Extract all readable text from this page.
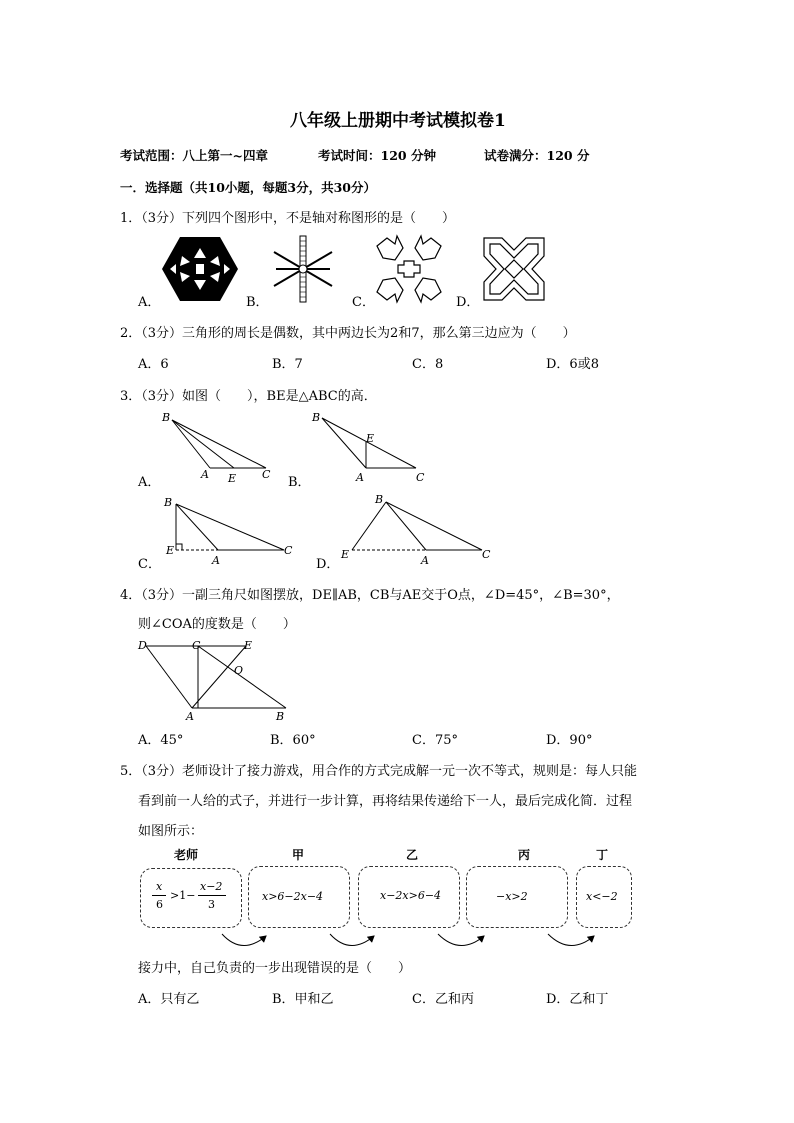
八年级上册期中考试模拟卷1
考试范围：八上第一~四章	考试时间：120 分钟	试卷满分：120 分
一．选择题（共10小题，每题3分，共30分）
1．（3分）下列四个图形中，不是轴对称图形的是（　　）
A．	B．	C．	D．
2．（3分）三角形的周长是偶数，其中两边长为2和7，那么第三边应为（　　）
A．6	B．7	C．8	D．6或8
3．（3分）如图（　　），BE是△ABC的高．
A．	B．
C．	D．
B
A E C
B
E
A	C
B
E
A
C
B
E	A	C
4．（3分）一副三角尺如图摆放，DE∥AB，CB与AE交于O点，∠D=45°，∠B=30°，
则∠COA的度数是（　　）
D	C	E
O
A	B
A．45°	B．60°	C．75°	D．90°
5．（3分）老师设计了接力游戏，用合作的方式完成解一元一次不等式，规则是：每人只能
看到前一人给的式子，并进行一步计算，再将结果传递给下一人，最后完成化简．过程
如图所示：
老师	甲	乙	丙	丁
x
6
>1−
x−2
3
x>6−2x−4	x−2x>6−4	−x>2	x<−2
接力中，自己负责的一步出现错误的是（　　）
A．只有乙	B．甲和乙	C．乙和丙	D．乙和丁
